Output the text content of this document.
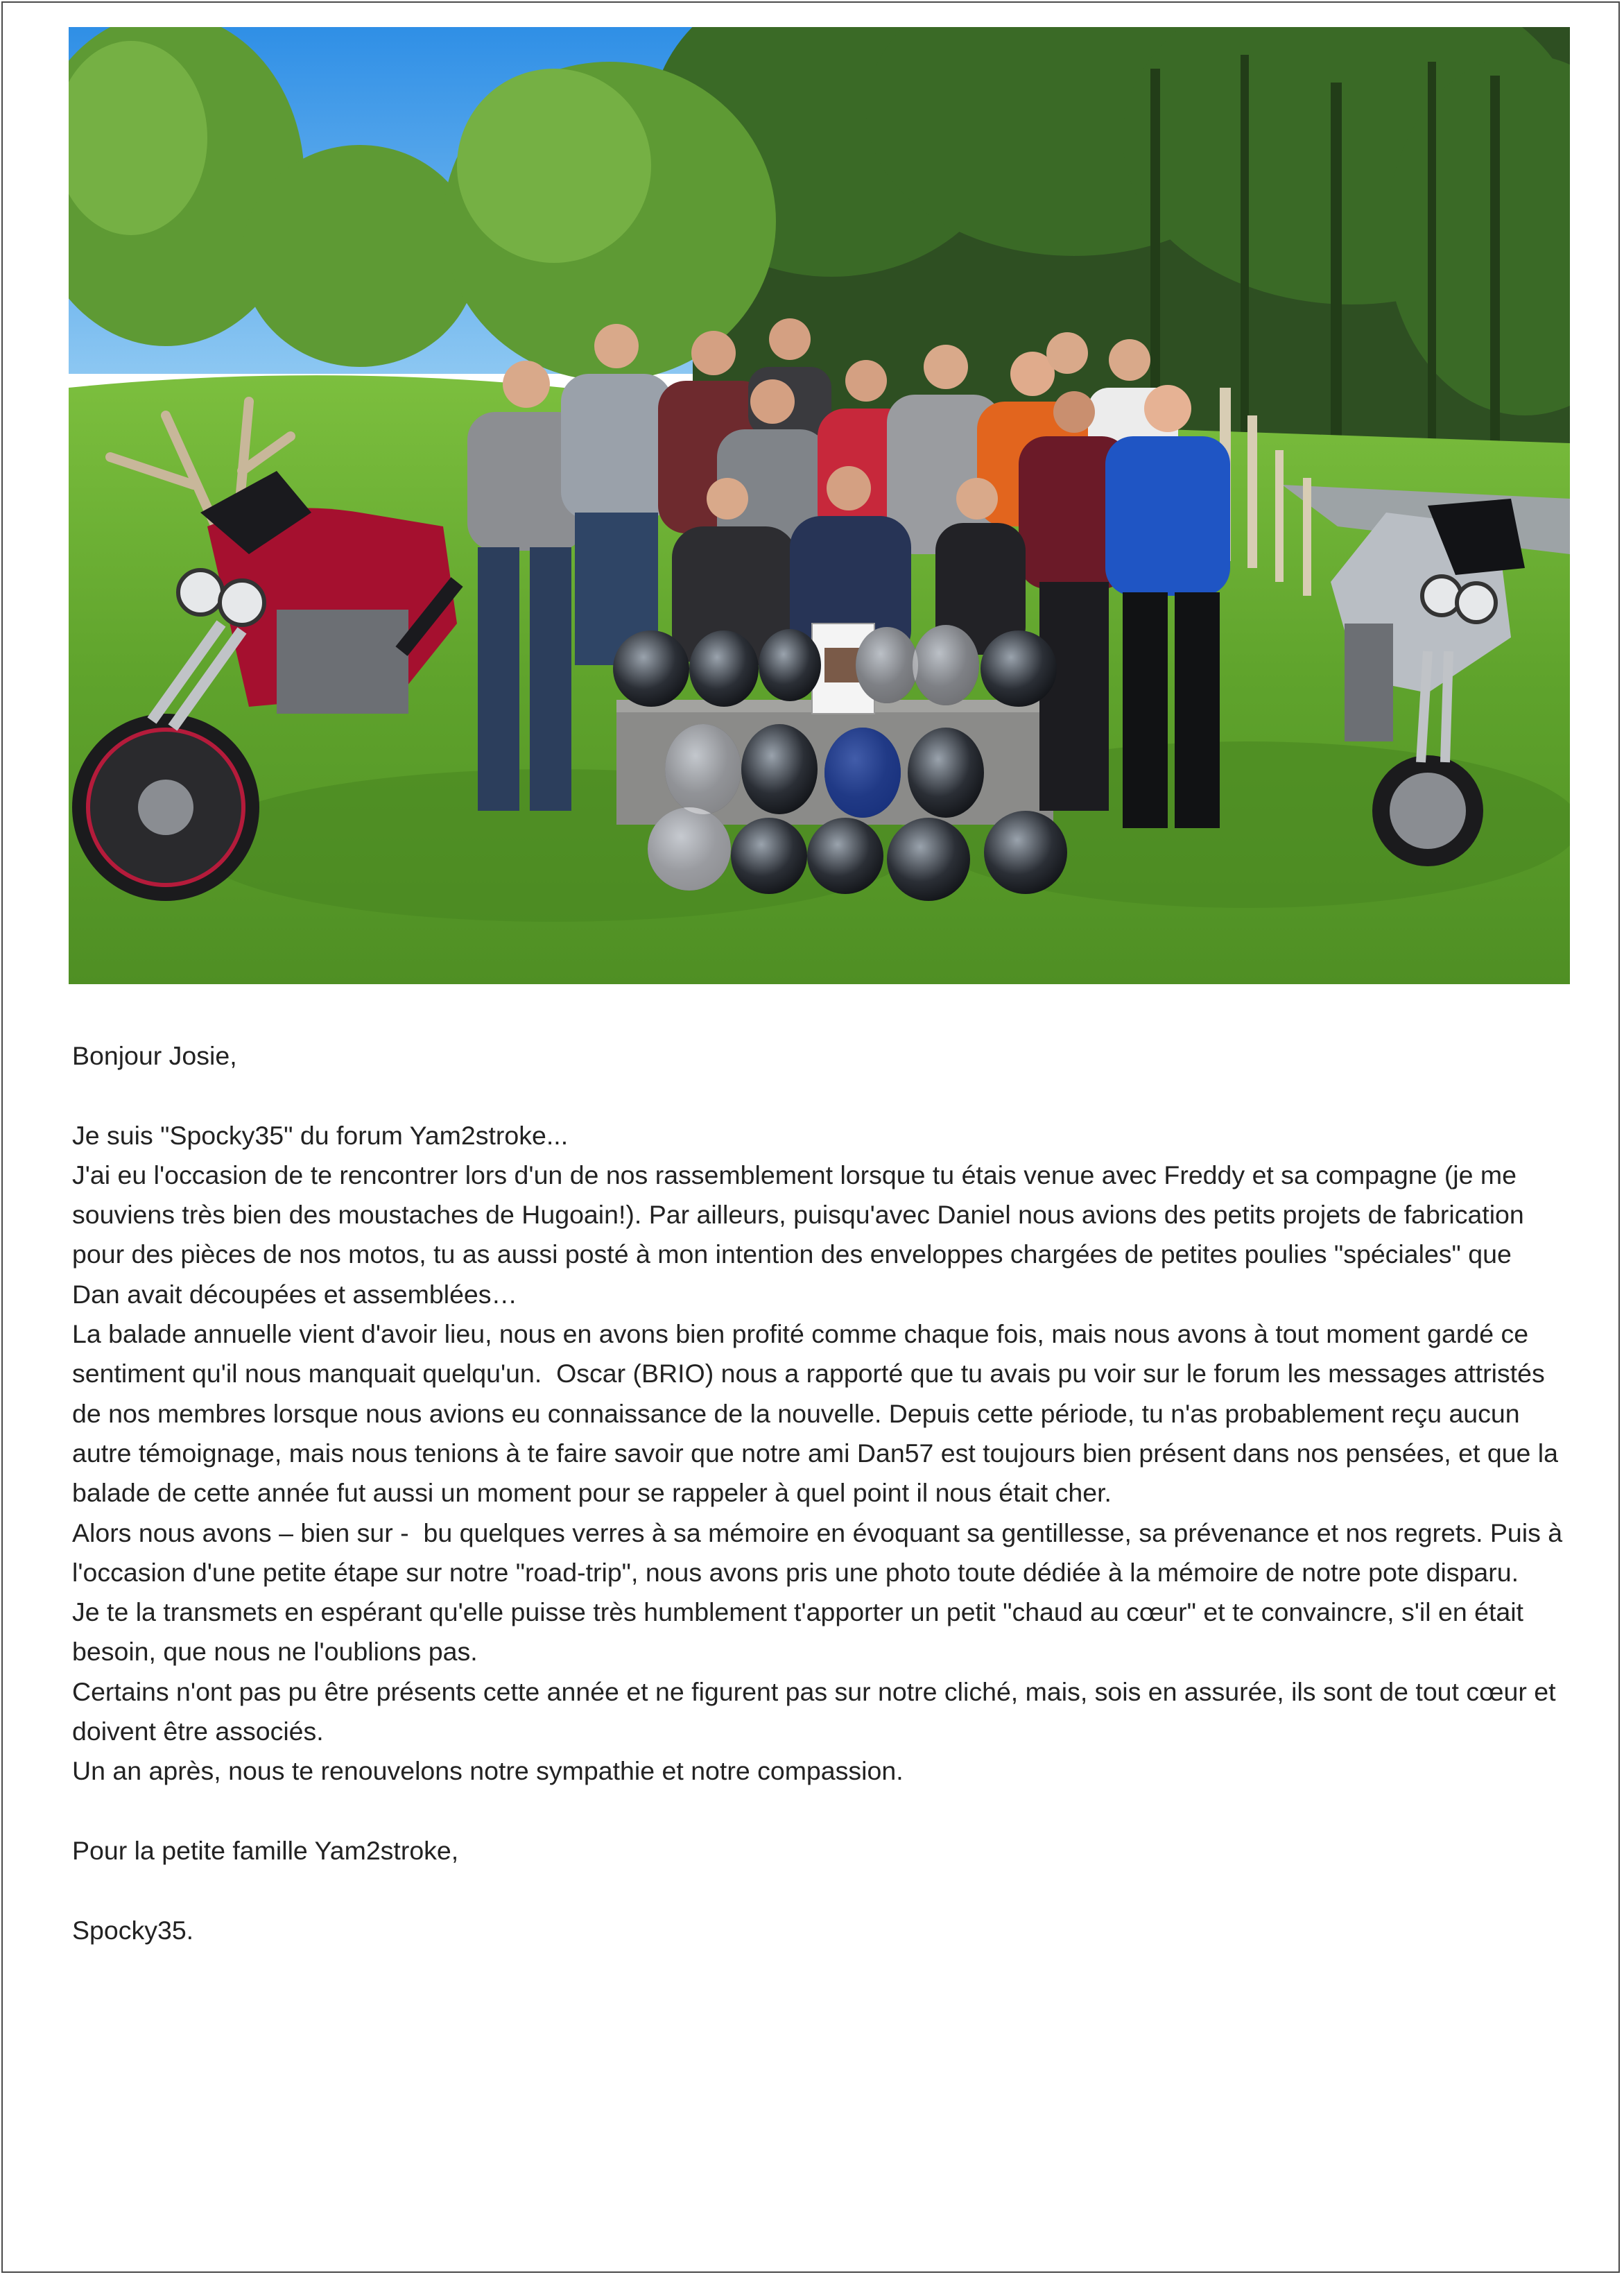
Bonjour Josie,

Je suis "Spocky35" du forum Yam2stroke...

J'ai eu l'occasion de te rencontrer lors d'un de nos rassemblement lorsque tu étais venue avec Freddy et sa compagne (je me souviens très bien des moustaches de Hugoain!). Par ailleurs, puisqu'avec Daniel nous avions des petits projets de fabrication pour des pièces de nos motos, tu as aussi posté à mon intention des enveloppes chargées de petites poulies "spéciales" que Dan avait découpées et assemblées…

La balade annuelle vient d'avoir lieu, nous en avons bien profité comme chaque fois, mais nous avons à tout moment gardé ce sentiment qu'il nous manquait quelqu'un.  Oscar (BRIO) nous a rapporté que tu avais pu voir sur le forum les messages attristés de nos membres lorsque nous avions eu connaissance de la nouvelle. Depuis cette période, tu n'as probablement reçu aucun autre témoignage, mais nous tenions à te faire savoir que notre ami Dan57 est toujours bien présent dans nos pensées, et que la balade de cette année fut aussi un moment pour se rappeler à quel point il nous était cher.

Alors nous avons – bien sur -  bu quelques verres à sa mémoire en évoquant sa gentillesse, sa prévenance et nos regrets. Puis à l'occasion d'une petite étape sur notre "road-trip", nous avons pris une photo toute dédiée à la mémoire de notre pote disparu.

Je te la transmets en espérant qu'elle puisse très humblement t'apporter un petit "chaud au cœur" et te convaincre, s'il en était besoin, que nous ne l'oublions pas.

Certains n'ont pas pu être présents cette année et ne figurent pas sur notre cliché, mais, sois en assurée, ils sont de tout cœur et doivent être associés.

Un an après, nous te renouvelons notre sympathie et notre compassion.

Pour la petite famille Yam2stroke,

Spocky35.
